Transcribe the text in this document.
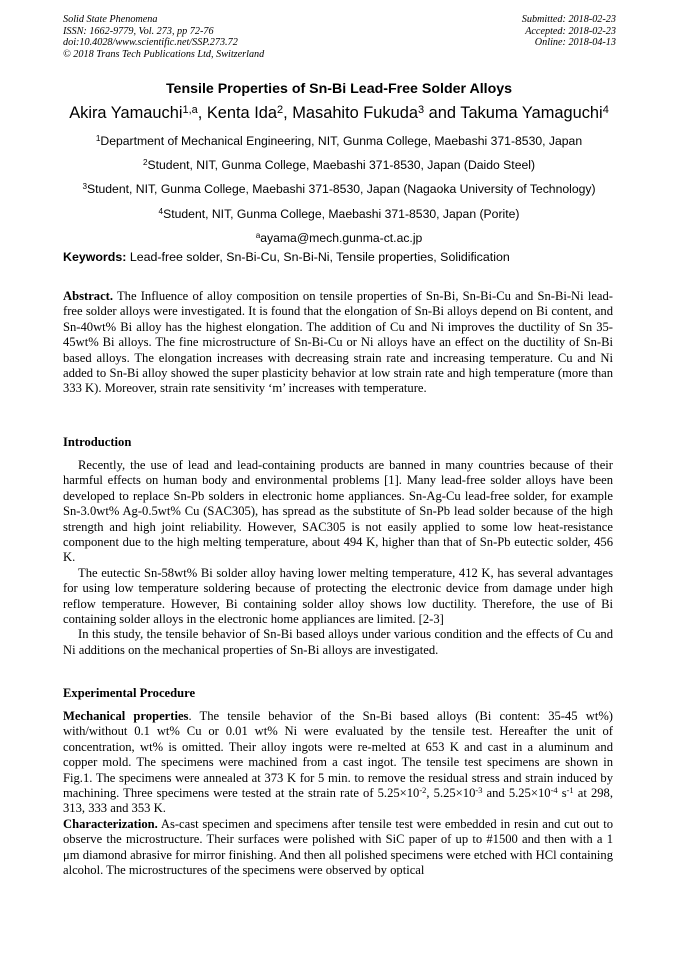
Solid State Phenomena
ISSN: 1662-9779, Vol. 273, pp 72-76
doi:10.4028/www.scientific.net/SSP.273.72
© 2018 Trans Tech Publications Ltd, Switzerland
Submitted: 2018-02-23
Accepted: 2018-02-23
Online: 2018-04-13
Tensile Properties of Sn-Bi Lead-Free Solder Alloys
Akira Yamauchi$^{1,a}$, Kenta Ida$^2$, Masahito Fukuda$^3$ and Takuma Yamaguchi$^4$
$^1$Department of Mechanical Engineering, NIT, Gunma College, Maebashi 371-8530, Japan
$^2$Student, NIT, Gunma College, Maebashi 371-8530, Japan (Daido Steel)
$^3$Student, NIT, Gunma College, Maebashi 371-8530, Japan (Nagaoka University of Technology)
$^4$Student, NIT, Gunma College, Maebashi 371-8530, Japan (Porite)
$^a$ayama@mech.gunma-ct.ac.jp
Keywords: Lead-free solder, Sn-Bi-Cu, Sn-Bi-Ni, Tensile properties, Solidification
Abstract. The Influence of alloy composition on tensile properties of Sn-Bi, Sn-Bi-Cu and Sn-Bi-Ni lead-free solder alloys were investigated. It is found that the elongation of Sn-Bi alloys depend on Bi content, and Sn-40wt% Bi alloy has the highest elongation. The addition of Cu and Ni improves the ductility of Sn 35-45wt% Bi alloys. The fine microstructure of Sn-Bi-Cu or Ni alloys have an effect on the ductility of Sn-Bi based alloys. The elongation increases with decreasing strain rate and increasing temperature. Cu and Ni added to Sn-Bi alloy showed the super plasticity behavior at low strain rate and high temperature (more than 333 K). Moreover, strain rate sensitivity ‘m’ increases with temperature.
Introduction

Recently, the use of lead and lead-containing products are banned in many countries because of their harmful effects on human body and environmental problems [1]. Many lead-free solder alloys have been developed to replace Sn-Pb solders in electronic home appliances. Sn-Ag-Cu lead-free solder, for example Sn-3.0wt% Ag-0.5wt% Cu (SAC305), has spread as the substitute of Sn-Pb lead solder because of the high strength and high joint reliability. However, SAC305 is not easily applied to some low heat-resistance component due to the high melting temperature, about 494 K, higher than that of Sn-Pb eutectic solder, 456 K.

The eutectic Sn-58wt% Bi solder alloy having lower melting temperature, 412 K, has several advantages for using low temperature soldering because of protecting the electronic device from damage under high reflow temperature. However, Bi containing solder alloy shows low ductility. Therefore, the use of Bi containing solder alloys in the electronic home appliances are limited. [2-3]

In this study, the tensile behavior of Sn-Bi based alloys under various condition and the effects of Cu and Ni additions on the mechanical properties of Sn-Bi alloys are investigated.

Experimental Procedure

Mechanical properties. The tensile behavior of the Sn-Bi based alloys (Bi content: 35-45 wt%) with/without 0.1 wt% Cu or 0.01 wt% Ni were evaluated by the tensile test. Hereafter the unit of concentration, wt% is omitted. Their alloy ingots were re-melted at 653 K and cast in a aluminum and copper mold. The specimens were machined from a cast ingot. The tensile test specimens are shown in Fig.1. The specimens were annealed at 373 K for 5 min. to remove the residual stress and strain induced by machining. Three specimens were tested at the strain rate of $5.25\times 10^{-2}$, $5.25\times 10^{-3}$ and $5.25\times 10^{-4}$ $s^{-1}$ at 298, 313, 333 and 353 K.

Characterization. As-cast specimen and specimens after tensile test were embedded in resin and cut out to observe the microstructure. Their surfaces were polished with SiC paper of up to #1500 and then with a 1 μm diamond abrasive for mirror finishing. And then all polished specimens were etched with HCl containing alcohol. The microstructures of the specimens were observed by optical
